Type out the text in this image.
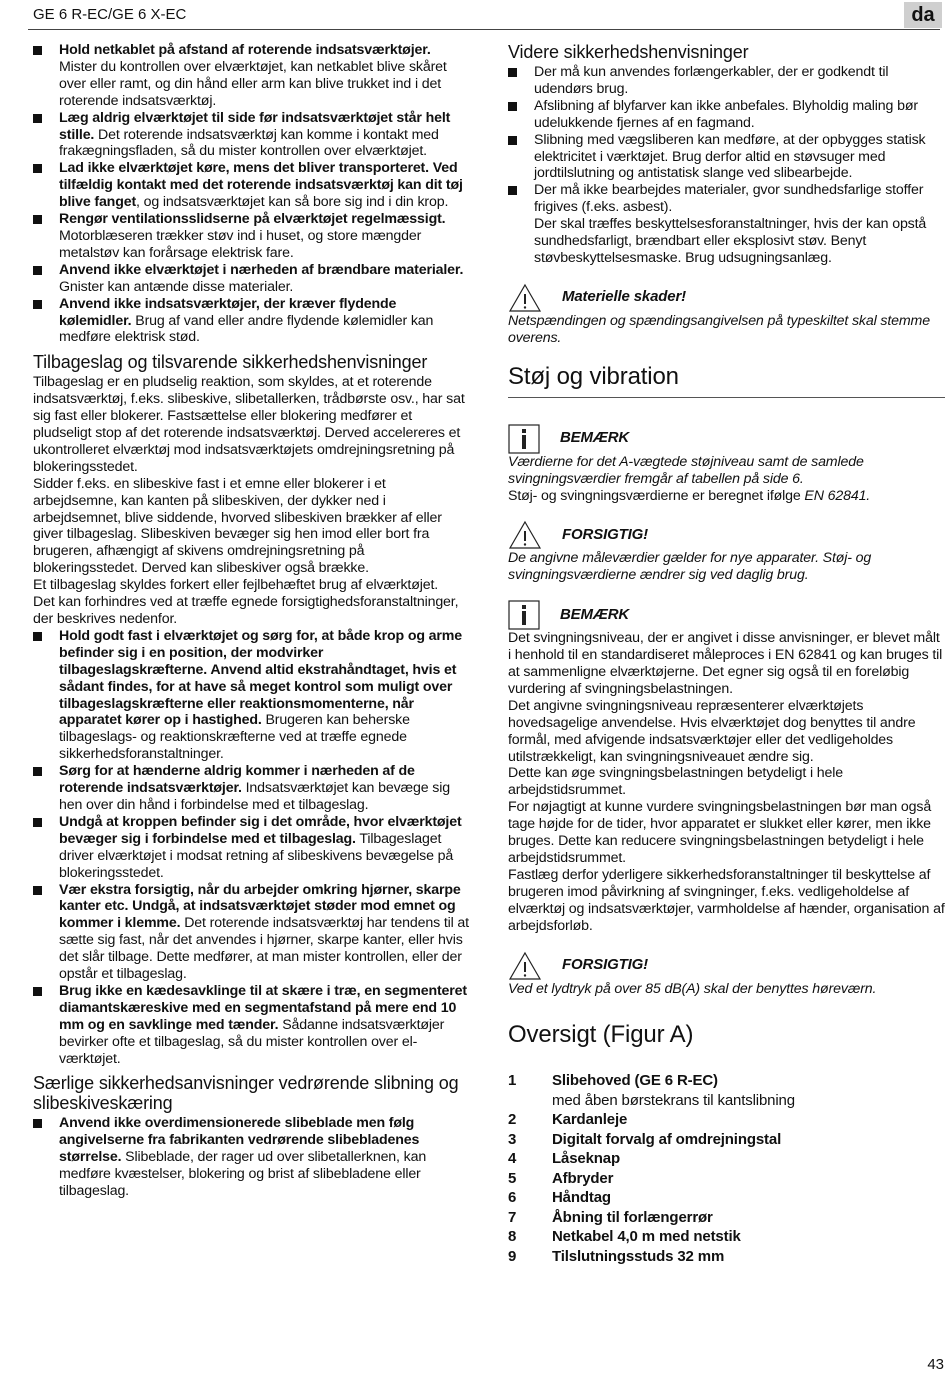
GE 6 R-EC/GE 6 X-EC	da
Hold netkablet på afstand af roterende indsatsværktøjer. Mister du kontrollen over elværktøjet, kan netkablet blive skåret over eller ramt, og din hånd eller arm kan blive trukket ind i det roterende indsatsværktøj.
Læg aldrig elværktøjet til side før indsatsværktøjet står helt stille. Det roterende indsatsværktøj kan komme i kontakt med frakægningsfladen, så du mister kontrollen over elværktøjet.
Lad ikke elværktøjet køre, mens det bliver transporteret. Ved tilfældig kontakt med det roterende indsatsværktøj kan dit tøj blive fanget, og indsatsværktøjet kan så bore sig ind i din krop.
Rengør ventilationsslidserne på elværktøjet regelmæssigt. Motorblæseren trækker støv ind i huset, og store mængder metalstøv kan forårsage elektrisk fare.
Anvend ikke elværktøjet i nærheden af brændbare materialer. Gnister kan antænde disse materialer.
Anvend ikke indsatsværktøjer, der kræver flydende kølemidler. Brug af vand eller andre flydende kølemidler kan medføre elektrisk stød.
Tilbageslag og tilsvarende sikkerhedshenvisninger

Tilbageslag er en pludselig reaktion, som skyldes, at et roterende indsatsværktøj, f.eks. slibeskive, slibetallerken, trådbørste osv., har sat sig fast eller blokerer. Fastsættelse eller blokering medfører et pludseligt stop af det roterende indsatsværktøj. Derved accelereres et ukontrolleret elværktøj mod indsatsværktøjets omdrejningsretning på blokeringsstedet.

Sidder f.eks. en slibeskive fast i et emne eller blokerer i et arbejdsemne, kan kanten på slibeskiven, der dykker ned i arbejdsemnet, blive siddende, hvorved slibeskiven brækker af eller giver tilbageslag. Slibeskiven bevæger sig hen imod eller bort fra brugeren, afhængigt af skivens omdrejningsretning på blokeringsstedet. Derved kan slibeskiver også brække.

Et tilbageslag skyldes forkert eller fejlbehæftet brug af elværktøjet.

Det kan forhindres ved at træffe egnede forsigtighedsforanstaltninger, der beskrives nedenfor.

Hold godt fast i elværktøjet og sørg for, at både krop og arme befinder sig i en position, der modvirker tilbageslagskræfterne. Anvend altid ekstrahåndtaget, hvis et sådant findes, for at have så meget kontrol som muligt over tilbageslagskræfterne eller reaktionsmomenterne, når apparatet kører op i hastighed. Brugeren kan beherske tilbageslags- og reaktionskræfterne ved at træffe egnede sikkerhedsforanstaltninger.
Sørg for at hænderne aldrig kommer i nærheden af de roterende indsatsværktøjer. Indsatsværktøjet kan bevæge sig hen over din hånd i forbindelse med et tilbageslag.
Undgå at kroppen befinder sig i det område, hvor elværktøjet bevæger sig i forbindelse med et tilbageslag. Tilbageslaget driver elværktøjet i modsat retning af slibeskivens bevægelse på blokeringsstedet.
Vær ekstra forsigtig, når du arbejder omkring hjørner, skarpe kanter etc. Undgå, at indsatsværktøjet støder mod emnet og kommer i klemme. Det roterende indsatsværktøj har tendens til at sætte sig fast, når det anvendes i hjørner, skarpe kanter, eller hvis det slår tilbage. Dette medfører, at man mister kontrollen, eller der opstår et tilbageslag.
Brug ikke en kædesavklinge til at skære i træ, en segmenteret diamantskæreskive med en segmentafstand på mere end 10 mm og en savklinge med tænder. Sådanne indsatsværktøjer bevirker ofte et tilbageslag, så du mister kontrollen over el-værktøjet.
Særlige sikkerhedsanvisninger vedrørende slibning og slibeskiveskæring
Anvend ikke overdimensionerede slibeblade men følg angivelserne fra fabrikanten vedrørende slibebladenes størrelse. Slibeblade, der rager ud over slibetallerknen, kan medføre kvæstelser, blokering og brist af slibebladene eller tilbageslag.
Videre sikkerhedshenvisninger
Der må kun anvendes forlængerkabler, der er godkendt til udendørs brug.
Afslibning af blyfarver kan ikke anbefales. Blyholdig maling bør udelukkende fjernes af en fagmand.
Slibning med vægsliberen kan medføre, at der opbygges statisk elektricitet i værktøjet. Brug derfor altid en støvsuger med jordtilslutning og antistatisk slange ved slibearbejde.
Der må ikke bearbejdes materialer, gvor sundhedsfarlige stoffer frigives (f.eks. asbest).

Der skal træffes beskyttelsesforanstaltninger, hvis der kan opstå sundhedsfarligt, brændbart eller eksplosivt støv. Benyt støvbeskyttelsesmaske. Brug udsugningsanlæg.

Materielle skader!

Netspændingen og spændingsangivelsen på typeskiltet skal stemme overens.

Støj og vibration
BEMÆRK

Værdierne for det A-vægtede støjniveau samt de samlede svingningsværdier fremgår af tabellen på side 6.

Støj- og svingningsværdierne er beregnet ifølge EN 62841.

FORSIGTIG!

De angivne måleværdier gælder for nye apparater. Støj- og svingningsværdierne ændrer sig ved daglig brug.

BEMÆRK

Det svingningsniveau, der er angivet i disse anvisninger, er blevet målt i henhold til en standardiseret måleproces i EN 62841 og kan bruges til at sammenligne elværktøjerne. Det egner sig også til en foreløbig vurdering af svingningsbelastningen.

Det angivne svingningsniveau repræsenterer elværktøjets hovedsagelige anvendelse. Hvis elværktøjet dog benyttes til andre formål, med afvigende indsatsværktøjer eller det vedligeholdes utilstrækkeligt, kan svingningsniveauet ændre sig.

Dette kan øge svingningsbelastningen betydeligt i hele arbejdstidsrummet.

For nøjagtigt at kunne vurdere svingningsbelastningen bør man også tage højde for de tider, hvor apparatet er slukket eller kører, men ikke bruges. Dette kan reducere svingningsbelastningen betydeligt i hele arbejdstidsrummet.

Fastlæg derfor yderligere sikkerhedsforanstaltninger til beskyttelse af brugeren imod påvirkning af svingninger, f.eks. vedligeholdelse af elværktøj og indsatsværktøjer, varmholdelse af hænder, organisation af arbejdsforløb.

FORSIGTIG!

Ved et lydtryk på over 85 dB(A) skal der benyttes høreværn.

Oversigt (Figur A)
1	Slibehoved (GE 6 R-EC)
med åben børstekrans til kantslibning
2	Kardanleje
3	Digitalt forvalg af omdrejningstal
4	Låseknap
5	Afbryder
6	Håndtag
7	Åbning til forlængerrør
8	Netkabel 4,0 m med netstik
9	Tilslutningsstuds 32 mm
43
